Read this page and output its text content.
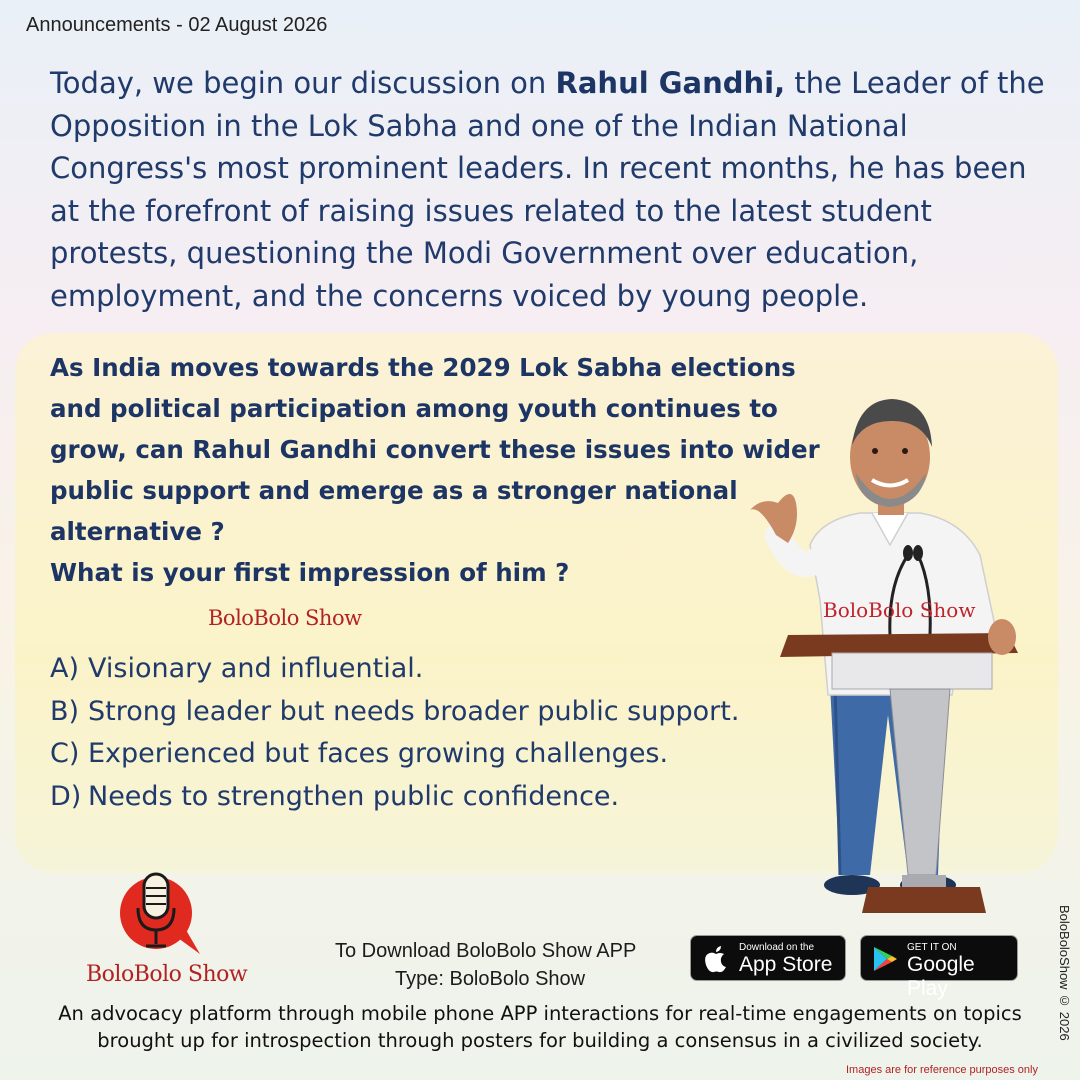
Announcements - 02 August 2026

Today, we begin our discussion on Rahul Gandhi, the Leader of the Opposition in the Lok Sabha and one of the Indian National Congress's most prominent leaders. In recent months, he has been at the forefront of raising issues related to the latest student protests, questioning the Modi Government over education, employment, and the concerns voiced by young people.

As India moves towards the 2029 Lok Sabha elections and political participation among youth continues to grow, can Rahul Gandhi convert these issues into wider public support and emerge as a stronger national alternative ?
What is your first impression of him ?

BoloBolo Show
A) Visionary and influential.
B) Strong leader but needs broader public support.
C) Experienced but faces growing challenges.
D) Needs to strengthen public confidence.
BoloBolo Show
BoloBolo Show
To Download BoloBolo Show APP
Type: BoloBolo Show
Download on the
App Store
GET IT ON
Google Play

An advocacy platform through mobile phone APP interactions for real-time engagements on topics brought up for introspection through posters for building a consensus in a civilized society.	BoloBoloShow © 2026
Images are for reference purposes only
